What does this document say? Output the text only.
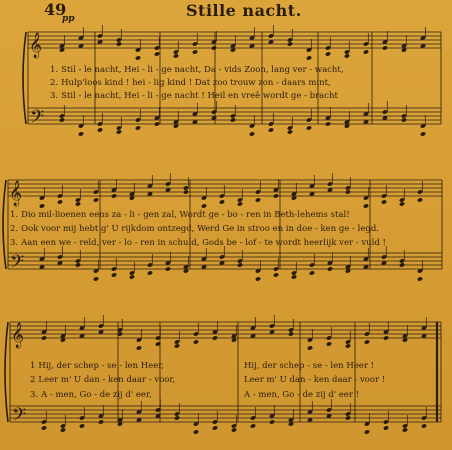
49
pp	Stille nacht.
𝄞
𝄢
𝄞
𝄢
𝄞
𝄢
1. Stil - le nacht, Hei - li - ge nacht, Da - vids Zoon, lang ver - wacht,
2. Hulp'loos kind ! hei - lig kind ! Dat zoo trouw zon - daars mint,
3. Stil - le nacht, Hei - li - ge nacht ! Heil en vreê wordt ge - bracht
1. Dio mil-lioenen eens za - li - gen zal, Wordt ge - bo - ren in Beth-lehems stal!
2. Ook voor mij hebt g' U rijkdom ontzegd, Werd Ge in stroo en in doe - ken ge - legd.
3. Aan een we - reld, ver - lo - ren in schuld, Gods be - lof - te wordt heerlijk ver - vuld !
1 Hij, der schep - se - len Heer,
2 Leer m' U dan - ken daar - voor,
3. A - men, Go - de zij d' eer,
Hij, der schep - se - len Heer !
Leer m' U dan - ken daar - voor !
A - men, Go - de zij d' eer !
